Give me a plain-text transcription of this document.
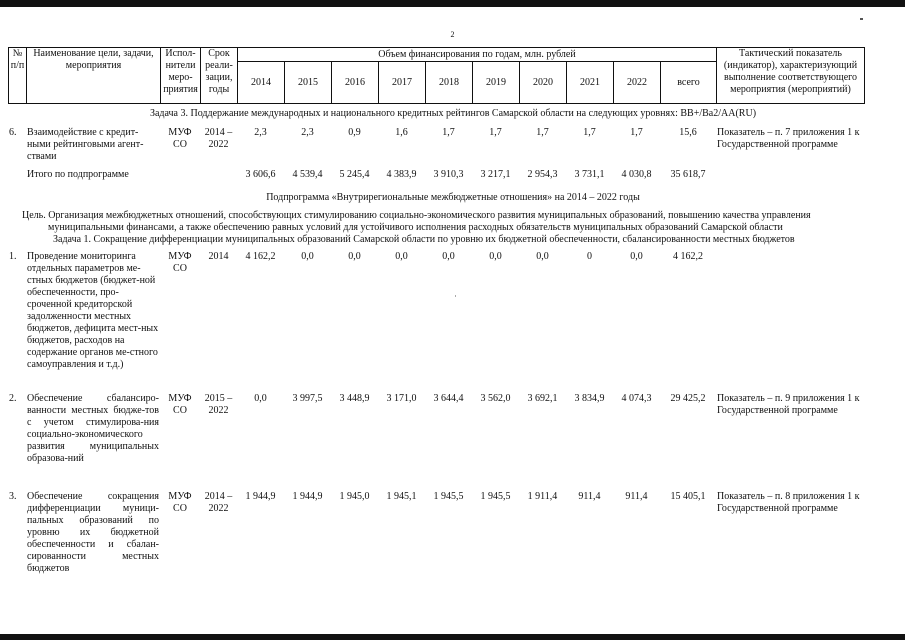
2
№ п/п	Наименование цели, задачи, мероприятия	Испол-нители меро-приятия	Срок реали-зации, годы	Объем финансирования по годам, млн. рублей										Тактический показатель (индикатор), характеризующий выполнение соответствующего мероприятия (мероприятий)
				2014	2015	2016	2017	2018	2019	2020	2021	2022	всего	
Задача 3. Поддержание международных и национального кредитных рейтингов Самарской области на следующих уровнях: BB+/Ba2/AA(RU)
6.	Взаимодействие с кредит-ными рейтинговыми агент-ствами	МУФ СО	2014 – 2022	2,3	2,3	0,9	1,6	1,7	1,7	1,7	1,7	1,7	15,6	Показатель – п. 7 приложения 1 к Государственной программе
	Итого по подпрограмме			3 606,6	4 539,4	5 245,4	4 383,9	3 910,3	3 217,1	2 954,3	3 731,1	4 030,8	35 618,7	
Подпрограмма «Внутрирегиональные межбюджетные отношения» на 2014 – 2022 годы
Цель. Организация межбюджетных отношений, способствующих стимулированию социально-экономического развития муниципальных образований, повышению качества управления
муниципальными финансами, а также обеспечению равных условий для устойчивого исполнения расходных обязательств муниципальных образований Самарской области
Задача 1. Сокращение дифференциации муниципальных образований Самарской области по уровню их бюджетной обеспеченности, сбалансированности местных бюджетов
1.	Проведение мониторинга отдельных параметров ме-стных бюджетов (бюджет-ной обеспеченности, про-сроченной кредиторской задолженности местных бюджетов, дефицита мест-ных бюджетов, расходов на содержание органов ме-стного самоуправления и т.д.)	МУФ СО	2014	4 162,2	0,0	0,0	0,0	0,0	0,0	0,0	0	0,0	4 162,2	
2.	Обеспечение сбалансиро-ванности местных бюдже-тов с учетом стимулирова-ния социально-экономического развития муниципальных образова-ний	МУФ СО	2015 – 2022	0,0	3 997,5	3 448,9	3 171,0	3 644,4	3 562,0	3 692,1	3 834,9	4 074,3	29 425,2	Показатель – п. 9 приложения 1 к Государственной программе
3.	Обеспечение сокращения дифференциации муници-пальных образований по уровню их бюджетной обеспеченности и сбалан-сированности местных бюджетов	МУФ СО	2014 – 2022	1 944,9	1 944,9	1 945,0	1 945,1	1 945,5	1 945,5	1 911,4	911,4	911,4	15 405,1	Показатель – п. 8 приложения 1 к Государственной программе
